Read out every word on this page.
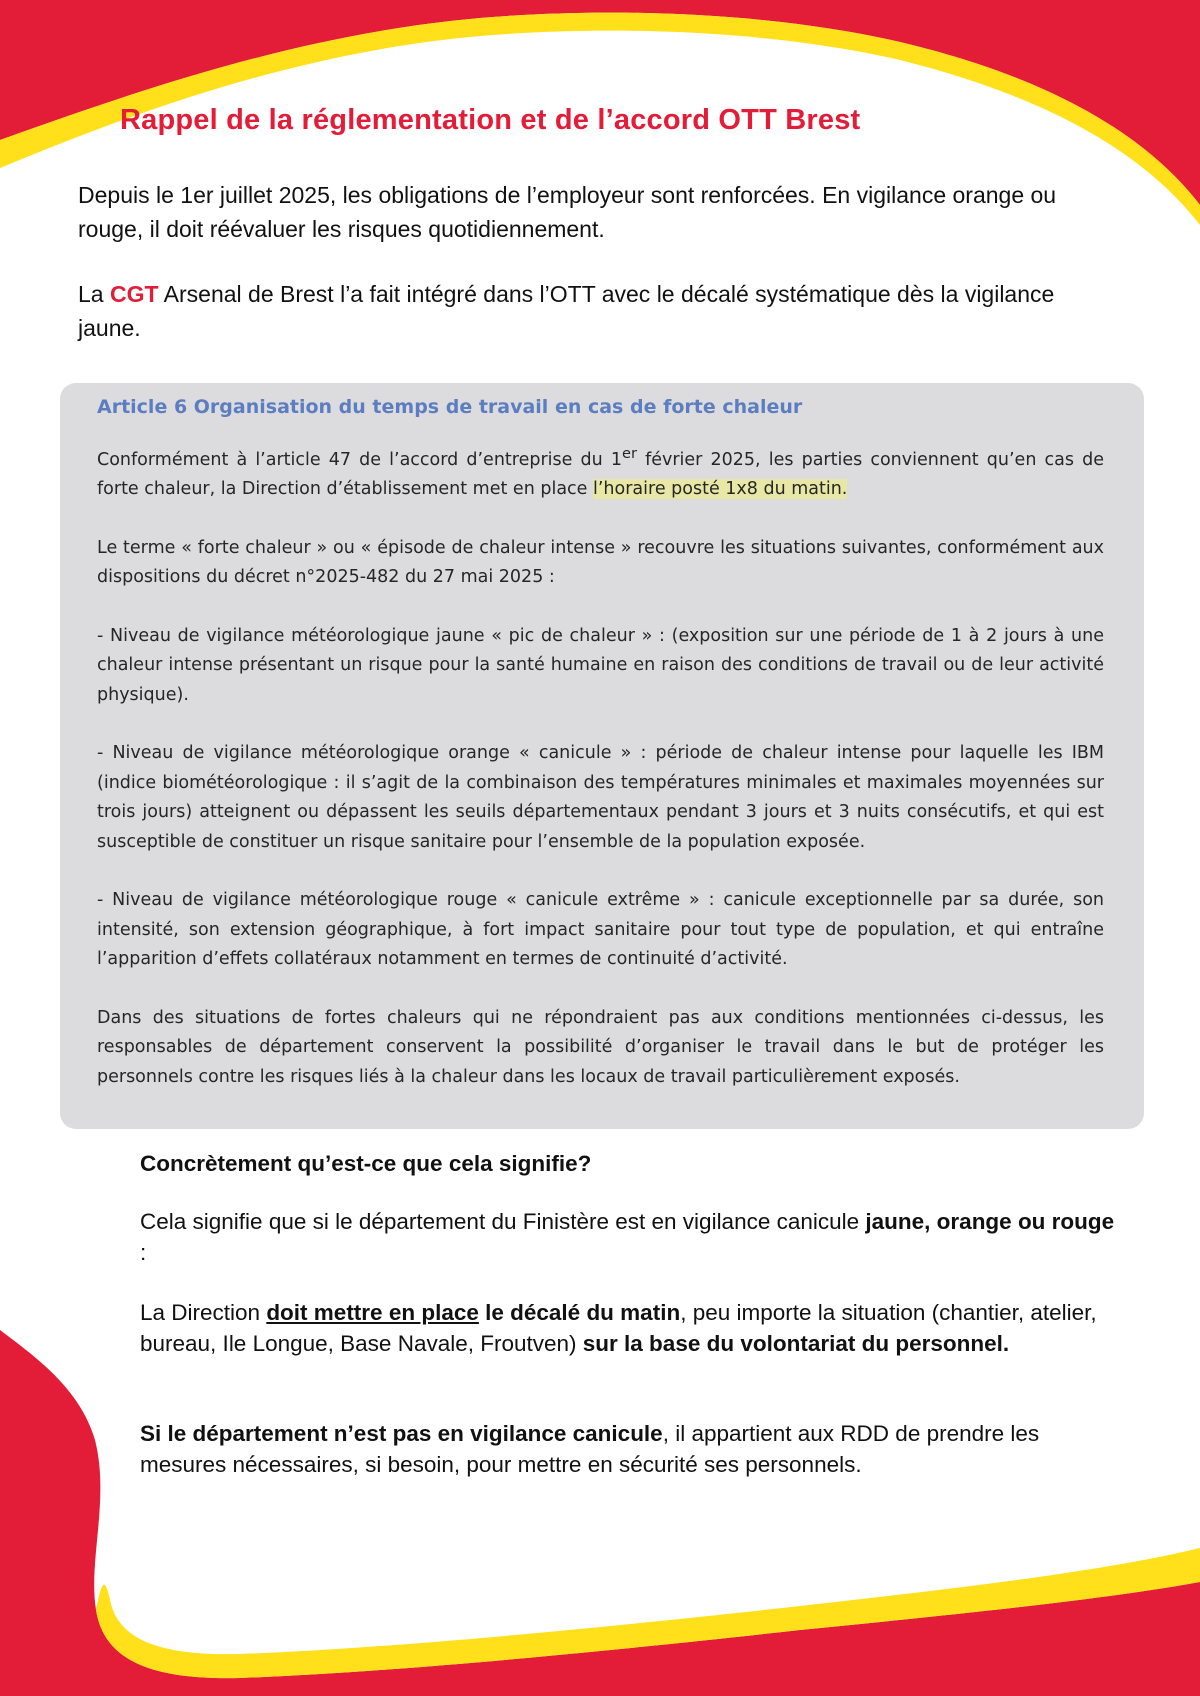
Rappel de la réglementation et de l’accord OTT Brest

Depuis le 1er juillet 2025, les obligations de l’employeur sont renforcées. En vigilance orange ou rouge, il doit réévaluer les risques quotidiennement.

La CGT Arsenal de Brest l’a fait intégré dans l’OTT avec le décalé systématique dès la vigilance jaune.

Article 6 Organisation du temps de travail en cas de forte chaleur

Conformément à l’article 47 de l’accord d’entreprise du 1er février 2025, les parties conviennent qu’en cas de forte chaleur, la Direction d’établissement met en place l’horaire posté 1x8 du matin.

Le terme « forte chaleur » ou « épisode de chaleur intense » recouvre les situations suivantes, conformément aux dispositions du décret n°2025-482 du 27 mai 2025 :

- Niveau de vigilance météorologique jaune « pic de chaleur » : (exposition sur une période de 1 à 2 jours à une chaleur intense présentant un risque pour la santé humaine en raison des conditions de travail ou de leur activité physique).

- Niveau de vigilance météorologique orange « canicule » : période de chaleur intense pour laquelle les IBM (indice biométéorologique : il s’agit de la combinaison des températures minimales et maximales moyennées sur trois jours) atteignent ou dépassent les seuils départementaux pendant 3 jours et 3 nuits consécutifs, et qui est susceptible de constituer un risque sanitaire pour l’ensemble de la population exposée.

- Niveau de vigilance météorologique rouge « canicule extrême » : canicule exceptionnelle par sa durée, son intensité, son extension géographique, à fort impact sanitaire pour tout type de population, et qui entraîne l’apparition d’effets collatéraux notamment en termes de continuité d’activité.

Dans des situations de fortes chaleurs qui ne répondraient pas aux conditions mentionnées ci-dessus, les responsables de département conservent la possibilité d’organiser le travail dans le but de protéger les personnels contre les risques liés à la chaleur dans les locaux de travail particulièrement exposés.

Concrètement qu’est-ce que cela signifie?

Cela signifie que si le département du Finistère est en vigilance canicule jaune, orange ou rouge :

La Direction doit mettre en place le décalé du matin, peu importe la situation (chantier, atelier, bureau, Ile Longue, Base Navale, Froutven) sur la base du volontariat du personnel.

Si le département n’est pas en vigilance canicule, il appartient aux RDD de prendre les mesures nécessaires, si besoin, pour mettre en sécurité ses personnels.
